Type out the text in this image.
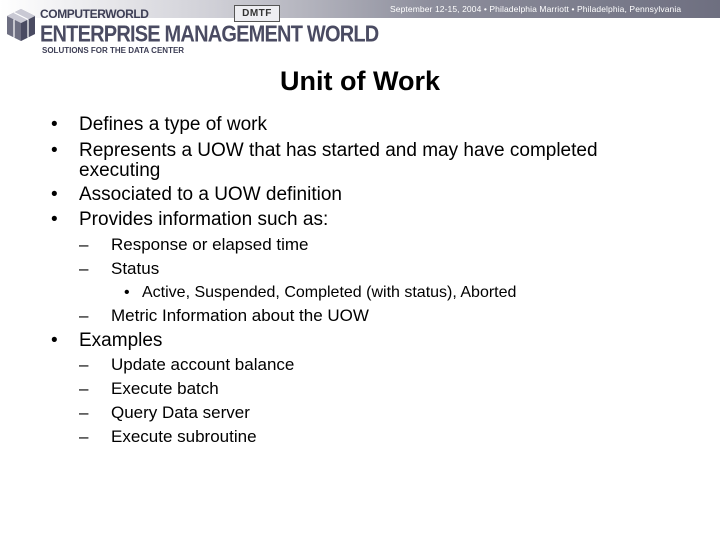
September 12-15, 2004 • Philadelphia Marriott • Philadelphia, Pennsylvania
COMPUTERWORLD	DMTF
ENTERPRISE MANAGEMENT WORLD
SOLUTIONS FOR THE DATA CENTER
Unit of Work
• Defines a type of work
• Represents a UOW that has started and may have completed
executing
• Associated to a UOW definition
• Provides information such as:
– Response or elapsed time
– Status
• Active, Suspended, Completed (with status), Aborted
– Metric Information about the UOW
• Examples
– Update account balance
– Execute batch
– Query Data server
– Execute subroutine
